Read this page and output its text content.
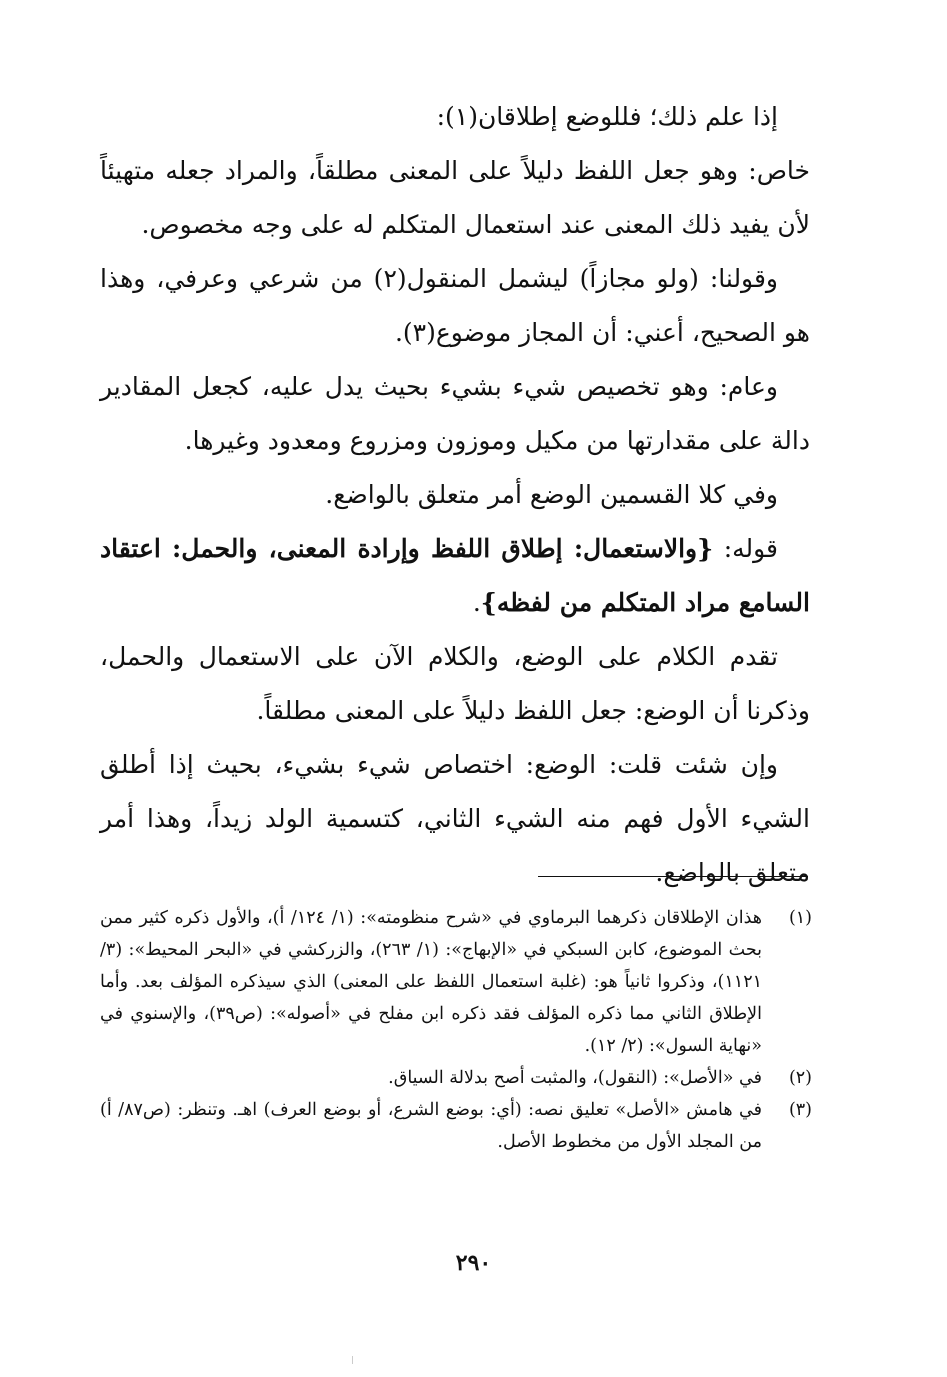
إذا علم ذلك؛ فللوضع إطلاقان(١):

خاص: وهو جعل اللفظ دليلاً على المعنى مطلقاً، والمراد جعله متهيئاً لأن يفيد ذلك المعنى عند استعمال المتكلم له على وجه مخصوص.

وقولنا: (ولو مجازاً) ليشمل المنقول(٢) من شرعي وعرفي، وهذا هو الصحيح، أعني: أن المجاز موضوع(٣).

وعام: وهو تخصيص شيء بشيء بحيث يدل عليه، كجعل المقادير دالة على مقدارتها من مكيل وموزون ومزروع ومعدود وغيرها.

وفي كلا القسمين الوضع أمر متعلق بالواضع.

قوله: {والاستعمال: إطلاق اللفظ وإرادة المعنى، والحمل: اعتقاد السامع مراد المتكلم من لفظه}.

تقدم الكلام على الوضع، والكلام الآن على الاستعمال والحمل، وذكرنا أن الوضع: جعل اللفظ دليلاً على المعنى مطلقاً.

وإن شئت قلت: الوضع: اختصاص شيء بشيء، بحيث إذا أطلق الشيء الأول فهم منه الشيء الثاني، كتسمية الولد زيداً، وهذا أمر متعلق بالواضع.

(١)
هذان الإطلاقان ذكرهما البرماوي في «شرح منظومته»: (١/ ١٢٤/ أ)، والأول ذكره كثير ممن بحث الموضوع، كابن السبكي في «الإبهاج»: (١/ ٢٦٣)، والزركشي في «البحر المحيط»: (٣/ ١١٢١)، وذكروا ثانياً هو: (غلبة استعمال اللفظ على المعنى) الذي سيذكره المؤلف بعد. وأما الإطلاق الثاني مما ذكره المؤلف فقد ذكره ابن مفلح في «أصوله»: (ص٣٩)، والإسنوي في «نهاية السول»: (٢/ ١٢).
(٢)
في «الأصل»: (النقول)، والمثبت أصح بدلالة السياق.
(٣)
في هامش «الأصل» تعليق نصه: (أي: بوضع الشرع، أو بوضع العرف) اهـ. وتنظر: (ص٨٧/ أ) من المجلد الأول من مخطوط الأصل.
٢٩٠
